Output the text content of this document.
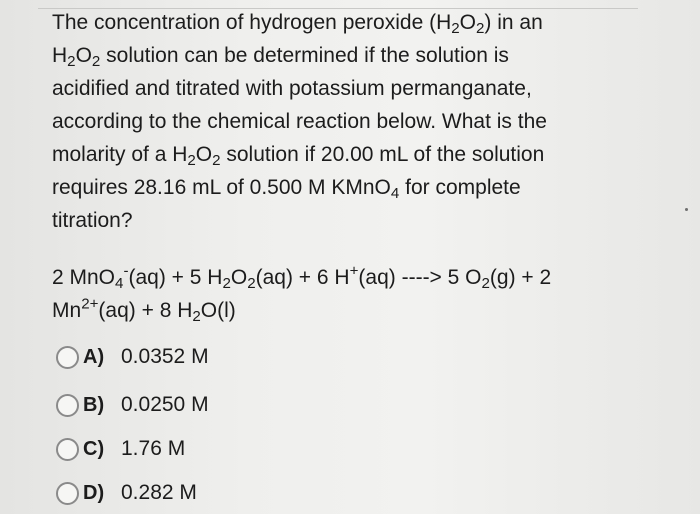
The concentration of hydrogen peroxide $(H_2O_2)$ in an
$H_2O_2$ solution can be determined if the solution is
acidified and titrated with potassium permanganate,
according to the chemical reaction below. What is the
molarity of a $H_2O_2$ solution if 20.00 mL of the solution
requires 28.16 mL of 0.500 M KMnO$_4$ for complete
titration?
2 MnO$_4$-(aq) + 5 $H_2O_2(aq) + 6$ H+(aq) ----> 5 $O_2(g) + 2$
$Mn^{2+}(aq) + 8$ $H_2O(l)$
A) 0.0352 M
B) 0.0250 M
C) 1.76 M
D) 0.282 M
